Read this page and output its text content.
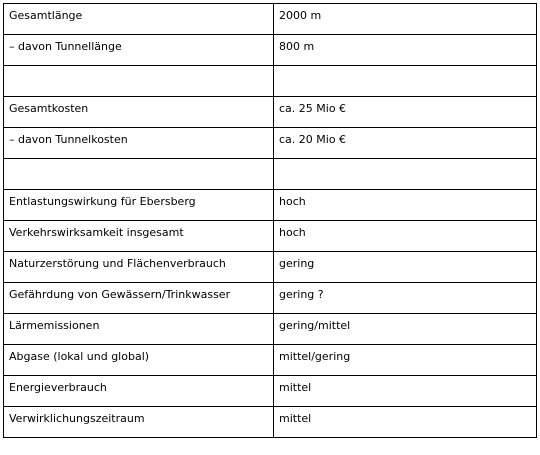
Gesamtlänge	2000 m
– davon Tunnellänge	800 m

Gesamtkosten	ca. 25 Mio €
– davon Tunnelkosten	ca. 20 Mio €

Entlastungswirkung für Ebersberg	hoch
Verkehrswirksamkeit insgesamt	hoch
Naturzerstörung und Flächenverbrauch	gering
Gefährdung von Gewässern/Trinkwasser	gering ?
Lärmemissionen	gering/mittel
Abgase (lokal und global)	mittel/gering
Energieverbrauch	mittel
Verwirklichungszeitraum	mittel
